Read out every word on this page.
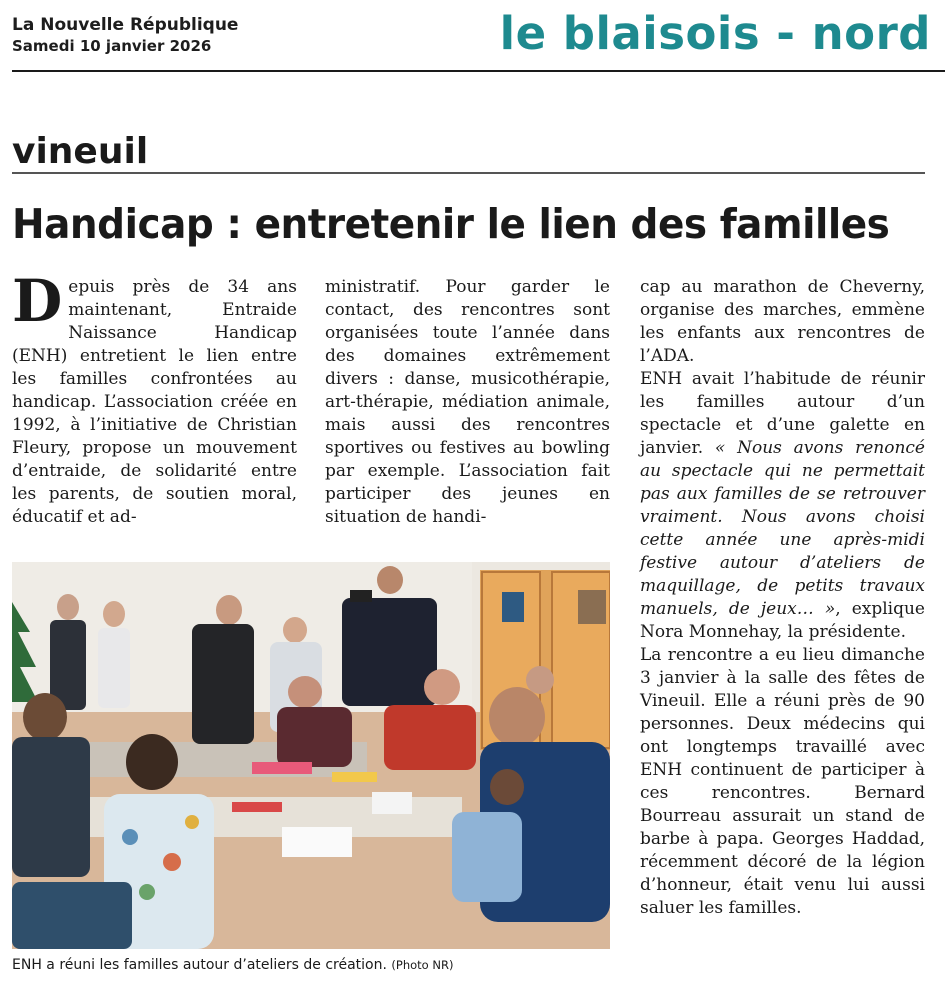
La Nouvelle République
Samedi 10 janvier 2026	le blaisois - nord
vineuil
Handicap : entretenir le lien des familles

Depuis près de 34 ans maintenant, Entraide Naissance Handicap (ENH) entretient le lien entre les familles confrontées au handicap. L’association créée en 1992, à l’initiative de Christian Fleury, propose un mouvement d’entraide, de solidarité entre les parents, de soutien moral, éducatif et ad-

ministratif. Pour garder le contact, des rencontres sont organisées toute l’année dans des domaines extrêmement divers : danse, musicothérapie, art-thérapie, médiation animale, mais aussi des rencontres sportives ou festives au bowling par exemple. L’association fait participer des jeunes en situation de handi-

cap au marathon de Cheverny, organise des marches, emmène les enfants aux rencontres de l’ADA.

ENH avait l’habitude de réunir les familles autour d’un spectacle et d’une galette en janvier. « Nous avons renoncé au spectacle qui ne permettait pas aux familles de se retrouver vraiment. Nous avons choisi cette année une après-midi festive autour d’ateliers de maquillage, de petits travaux manuels, de jeux… », explique Nora Monnehay, la présidente.

La rencontre a eu lieu dimanche 3 janvier à la salle des fêtes de Vineuil. Elle a réuni près de 90 personnes. Deux médecins qui ont longtemps travaillé avec ENH continuent de participer à ces rencontres. Bernard Bourreau assurait un stand de barbe à papa. Georges Haddad, récemment décoré de la légion d’honneur, était venu lui aussi saluer les familles.

ENH a réuni les familles autour d’ateliers de création. (Photo NR)
